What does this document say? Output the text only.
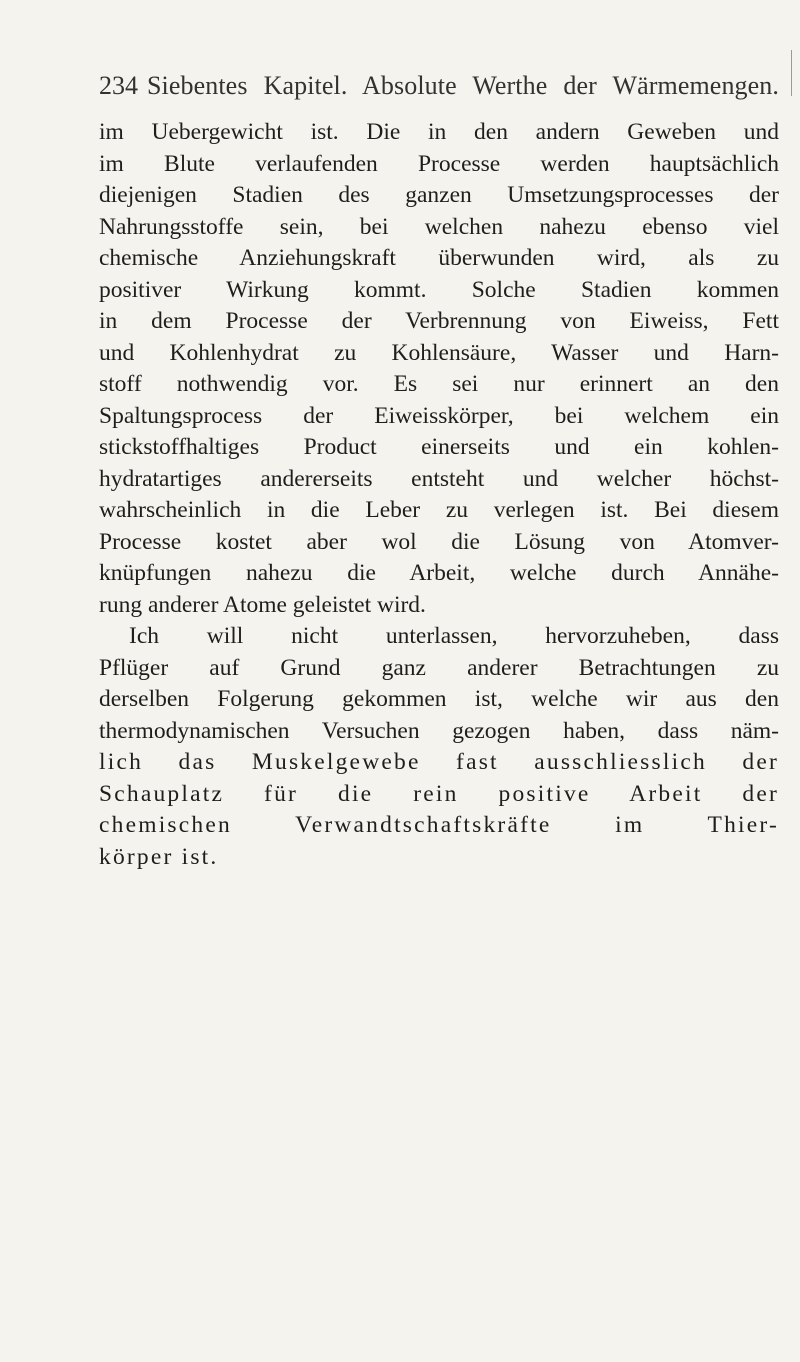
234 Siebentes Kapitel. Absolute Werthe der Wärmemengen.
im Uebergewicht ist. Die in den andern Geweben und
im Blute verlaufenden Processe werden hauptsächlich
diejenigen Stadien des ganzen Umsetzungsprocesses der
Nahrungsstoffe sein, bei welchen nahezu ebenso viel
chemische Anziehungskraft überwunden wird, als zu
positiver Wirkung kommt. Solche Stadien kommen
in dem Processe der Verbrennung von Eiweiss, Fett
und Kohlenhydrat zu Kohlensäure, Wasser und Harn-
stoff nothwendig vor. Es sei nur erinnert an den
Spaltungsprocess der Eiweisskörper, bei welchem ein
stickstoffhaltiges Product einerseits und ein kohlen-
hydratartiges andererseits entsteht und welcher höchst-
wahrscheinlich in die Leber zu verlegen ist. Bei diesem
Processe kostet aber wol die Lösung von Atomver-
knüpfungen nahezu die Arbeit, welche durch Annähe-
rung anderer Atome geleistet wird.
Ich will nicht unterlassen, hervorzuheben, dass
Pflüger auf Grund ganz anderer Betrachtungen zu
derselben Folgerung gekommen ist, welche wir aus den
thermodynamischen Versuchen gezogen haben, dass näm-
lich das Muskelgewebe fast ausschliesslich der
Schauplatz für die rein positive Arbeit der
chemischen Verwandtschaftskräfte im Thier-
körper ist.
